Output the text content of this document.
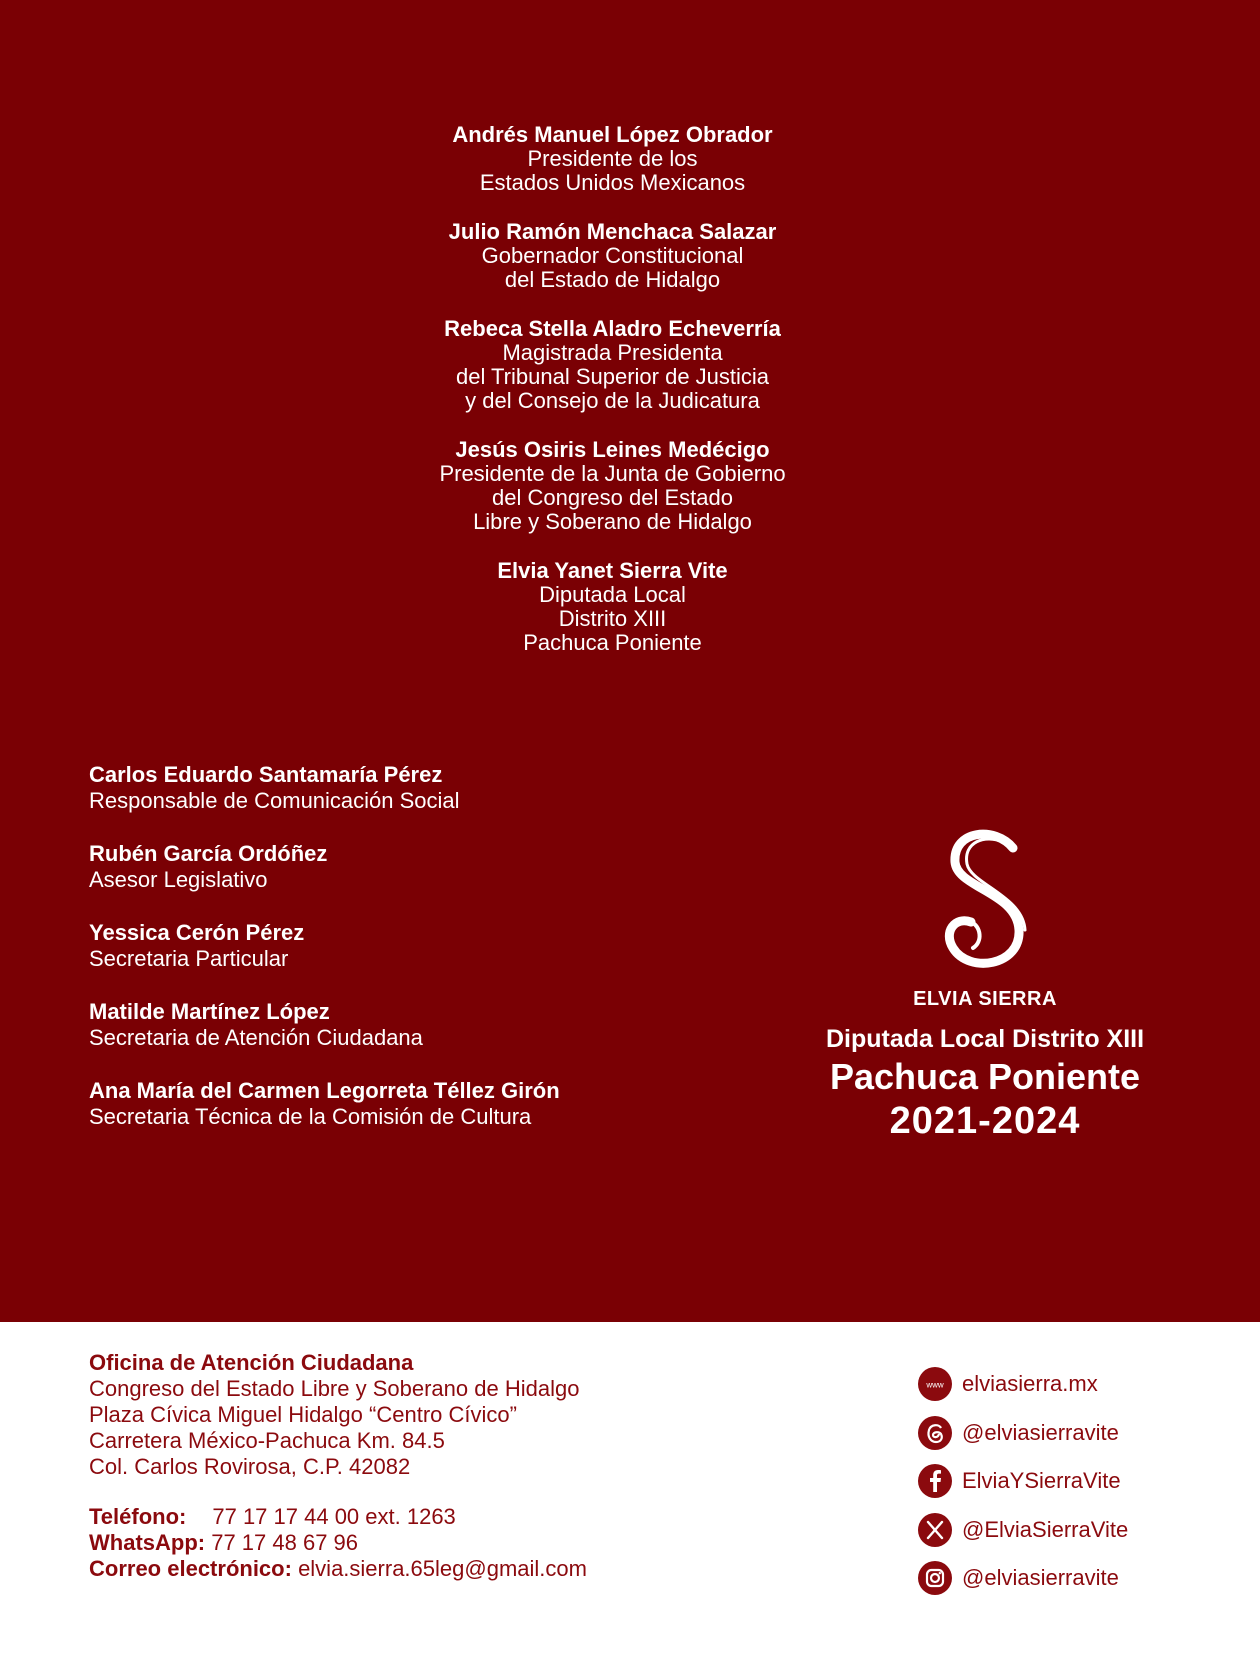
Andrés Manuel López Obrador
Presidente de los
Estados Unidos Mexicanos
Julio Ramón Menchaca Salazar
Gobernador Constitucional
del Estado de Hidalgo
Rebeca Stella Aladro Echeverría
Magistrada Presidenta
del Tribunal Superior de Justicia
y del Consejo de la Judicatura
Jesús Osiris Leines Medécigo
Presidente de la Junta de Gobierno
del Congreso del Estado
Libre y Soberano de Hidalgo
Elvia Yanet Sierra Vite
Diputada Local
Distrito XIII
Pachuca Poniente
Carlos Eduardo Santamaría Pérez
Responsable de Comunicación Social
Rubén García Ordóñez
Asesor Legislativo
Yessica Cerón Pérez
Secretaria Particular
Matilde Martínez López
Secretaria de Atención Ciudadana
Ana María del Carmen Legorreta Téllez Girón
Secretaria Técnica de la Comisión de Cultura
ELVIA SIERRA
Diputada Local Distrito XIII
Pachuca Poniente
2021-2024
Oficina de Atención Ciudadana
Congreso del Estado Libre y Soberano de Hidalgo
Plaza Cívica Miguel Hidalgo “Centro Cívico”
Carretera México-Pachuca Km. 84.5
Col. Carlos Rovirosa, C.P. 42082
Teléfono: 77 17 17 44 00 ext. 1263
WhatsApp: 77 17 48 67 96
Correo electrónico: elvia.sierra.65leg@gmail.com
www elviasierra.mx
@elviasierravite
ElviaYSierraVite
@ElviaSierraVite
@elviasierravite
